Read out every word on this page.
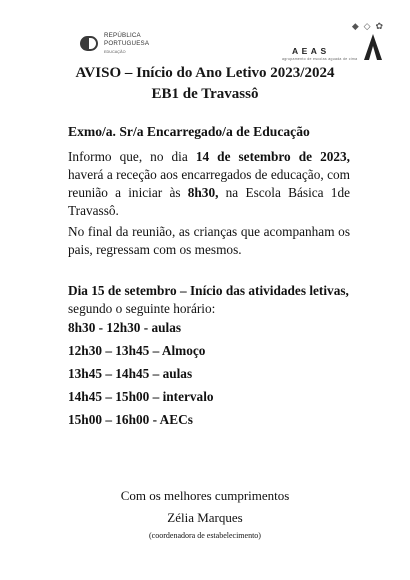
REPÚBLICA
PORTUGUESA
EDUCAÇÃO
◆ ◇ ✿
AEAS
agrupamento de escolas aguada de cima
AVISO – Início do Ano Letivo 2023/2024
EB1 de Travassô
Exmo/a. Sr/a Encarregado/a de Educação
Informo que, no dia 14 de setembro de 2023, haverá a receção aos encarregados de educação, com reunião a iniciar às 8h30, na Escola Básica 1de Travassô.
No final da reunião, as crianças que acompanham os pais, regressam com os mesmos.
Dia 15 de setembro – Início das atividades letivas, segundo o seguinte horário:
8h30 - 12h30 - aulas
12h30 – 13h45 – Almoço
13h45 – 14h45 – aulas
14h45 – 15h00 – intervalo
15h00 – 16h00 - AECs
Com os melhores cumprimentos
Zélia Marques
(coordenadora de estabelecimento)
